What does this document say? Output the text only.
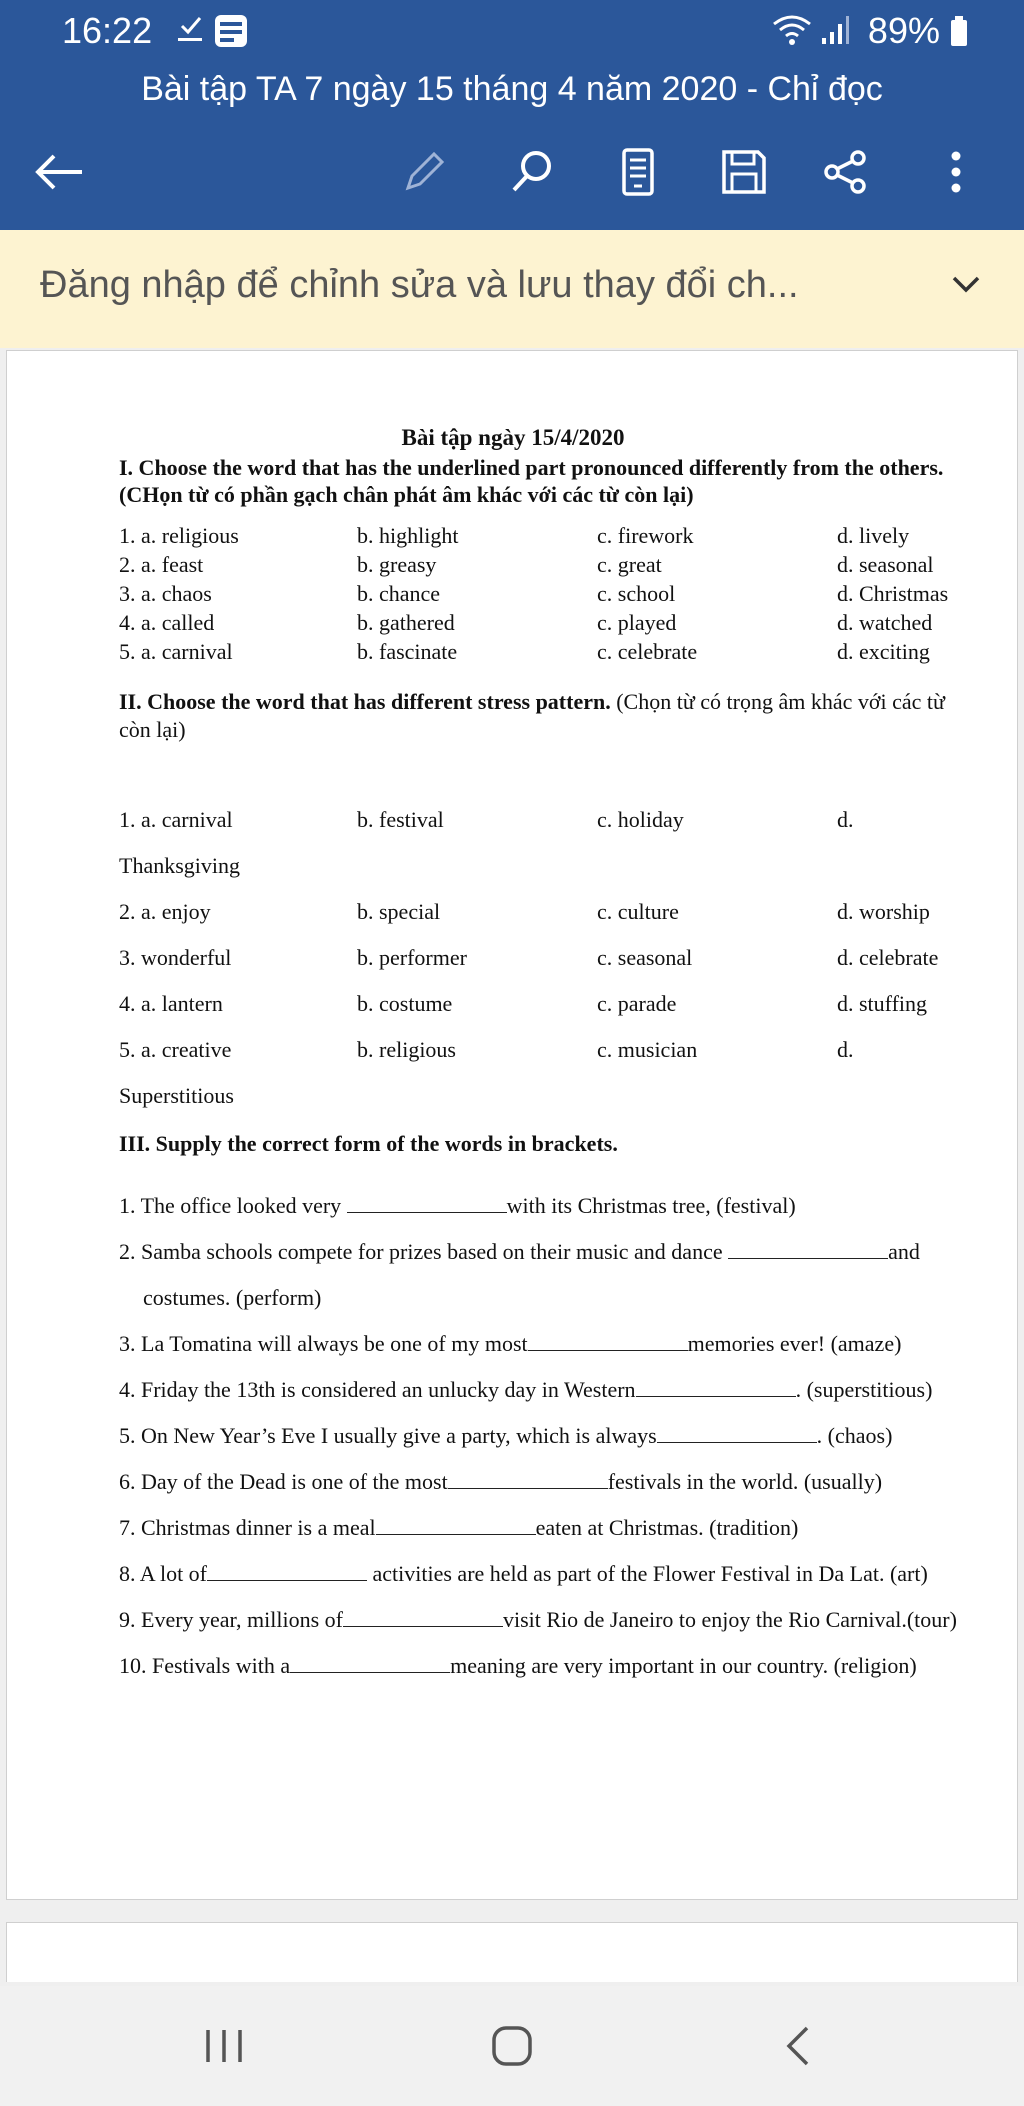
16:22	89%
Bài tập TA 7 ngày 15 tháng 4 năm 2020 - Chỉ đọc
Đăng nhập để chỉnh sửa và lưu thay đổi ch...
Bài tập ngày 15/4/2020
I. Choose the word that has the underlined part pronounced differently from the others.
(CHọn từ có phần gạch chân phát âm khác với các từ còn lại)
1. a. religious	b. highlight	c. firework	d. lively
2. a. feast	b. greasy	c. great	d. seasonal
3. a. chaos	b. chance	c. school	d. Christmas
4. a. called	b. gathered	c. played	d. watched
5. a. carnival	b. fascinate	c. celebrate	d. exciting
II. Choose the word that has different stress pattern. (Chọn từ có trọng âm khác với các từ
còn lại)
1. a. carnival	b. festival	c. holiday	d.
Thanksgiving
2. a. enjoy	b. special	c. culture	d. worship
3. wonderful	b. performer	c. seasonal	d. celebrate
4. a. lantern	b. costume	c. parade	d. stuffing
5. a. creative	b. religious	c. musician	d.
Superstitious
III. Supply the correct form of the words in brackets.
1. The office looked very	with its Christmas tree, (festival)
2. Samba schools compete for prizes based on their music and dance	and
costumes. (perform)
3. La Tomatina will always be one of my most	memories ever! (amaze)
4. Friday the 13th is considered an unlucky day in Western	. (superstitious)
5. On New Year’s Eve I usually give a party, which is always	. (chaos)
6. Day of the Dead is one of the most	festivals in the world. (usually)
7. Christmas dinner is a meal	eaten at Christmas. (tradition)
8. A lot of	activities are held as part of the Flower Festival in Da Lat. (art)
9. Every year, millions of	visit Rio de Janeiro to enjoy the Rio Carnival.(tour)
10. Festivals with a	meaning are very important in our country. (religion)
